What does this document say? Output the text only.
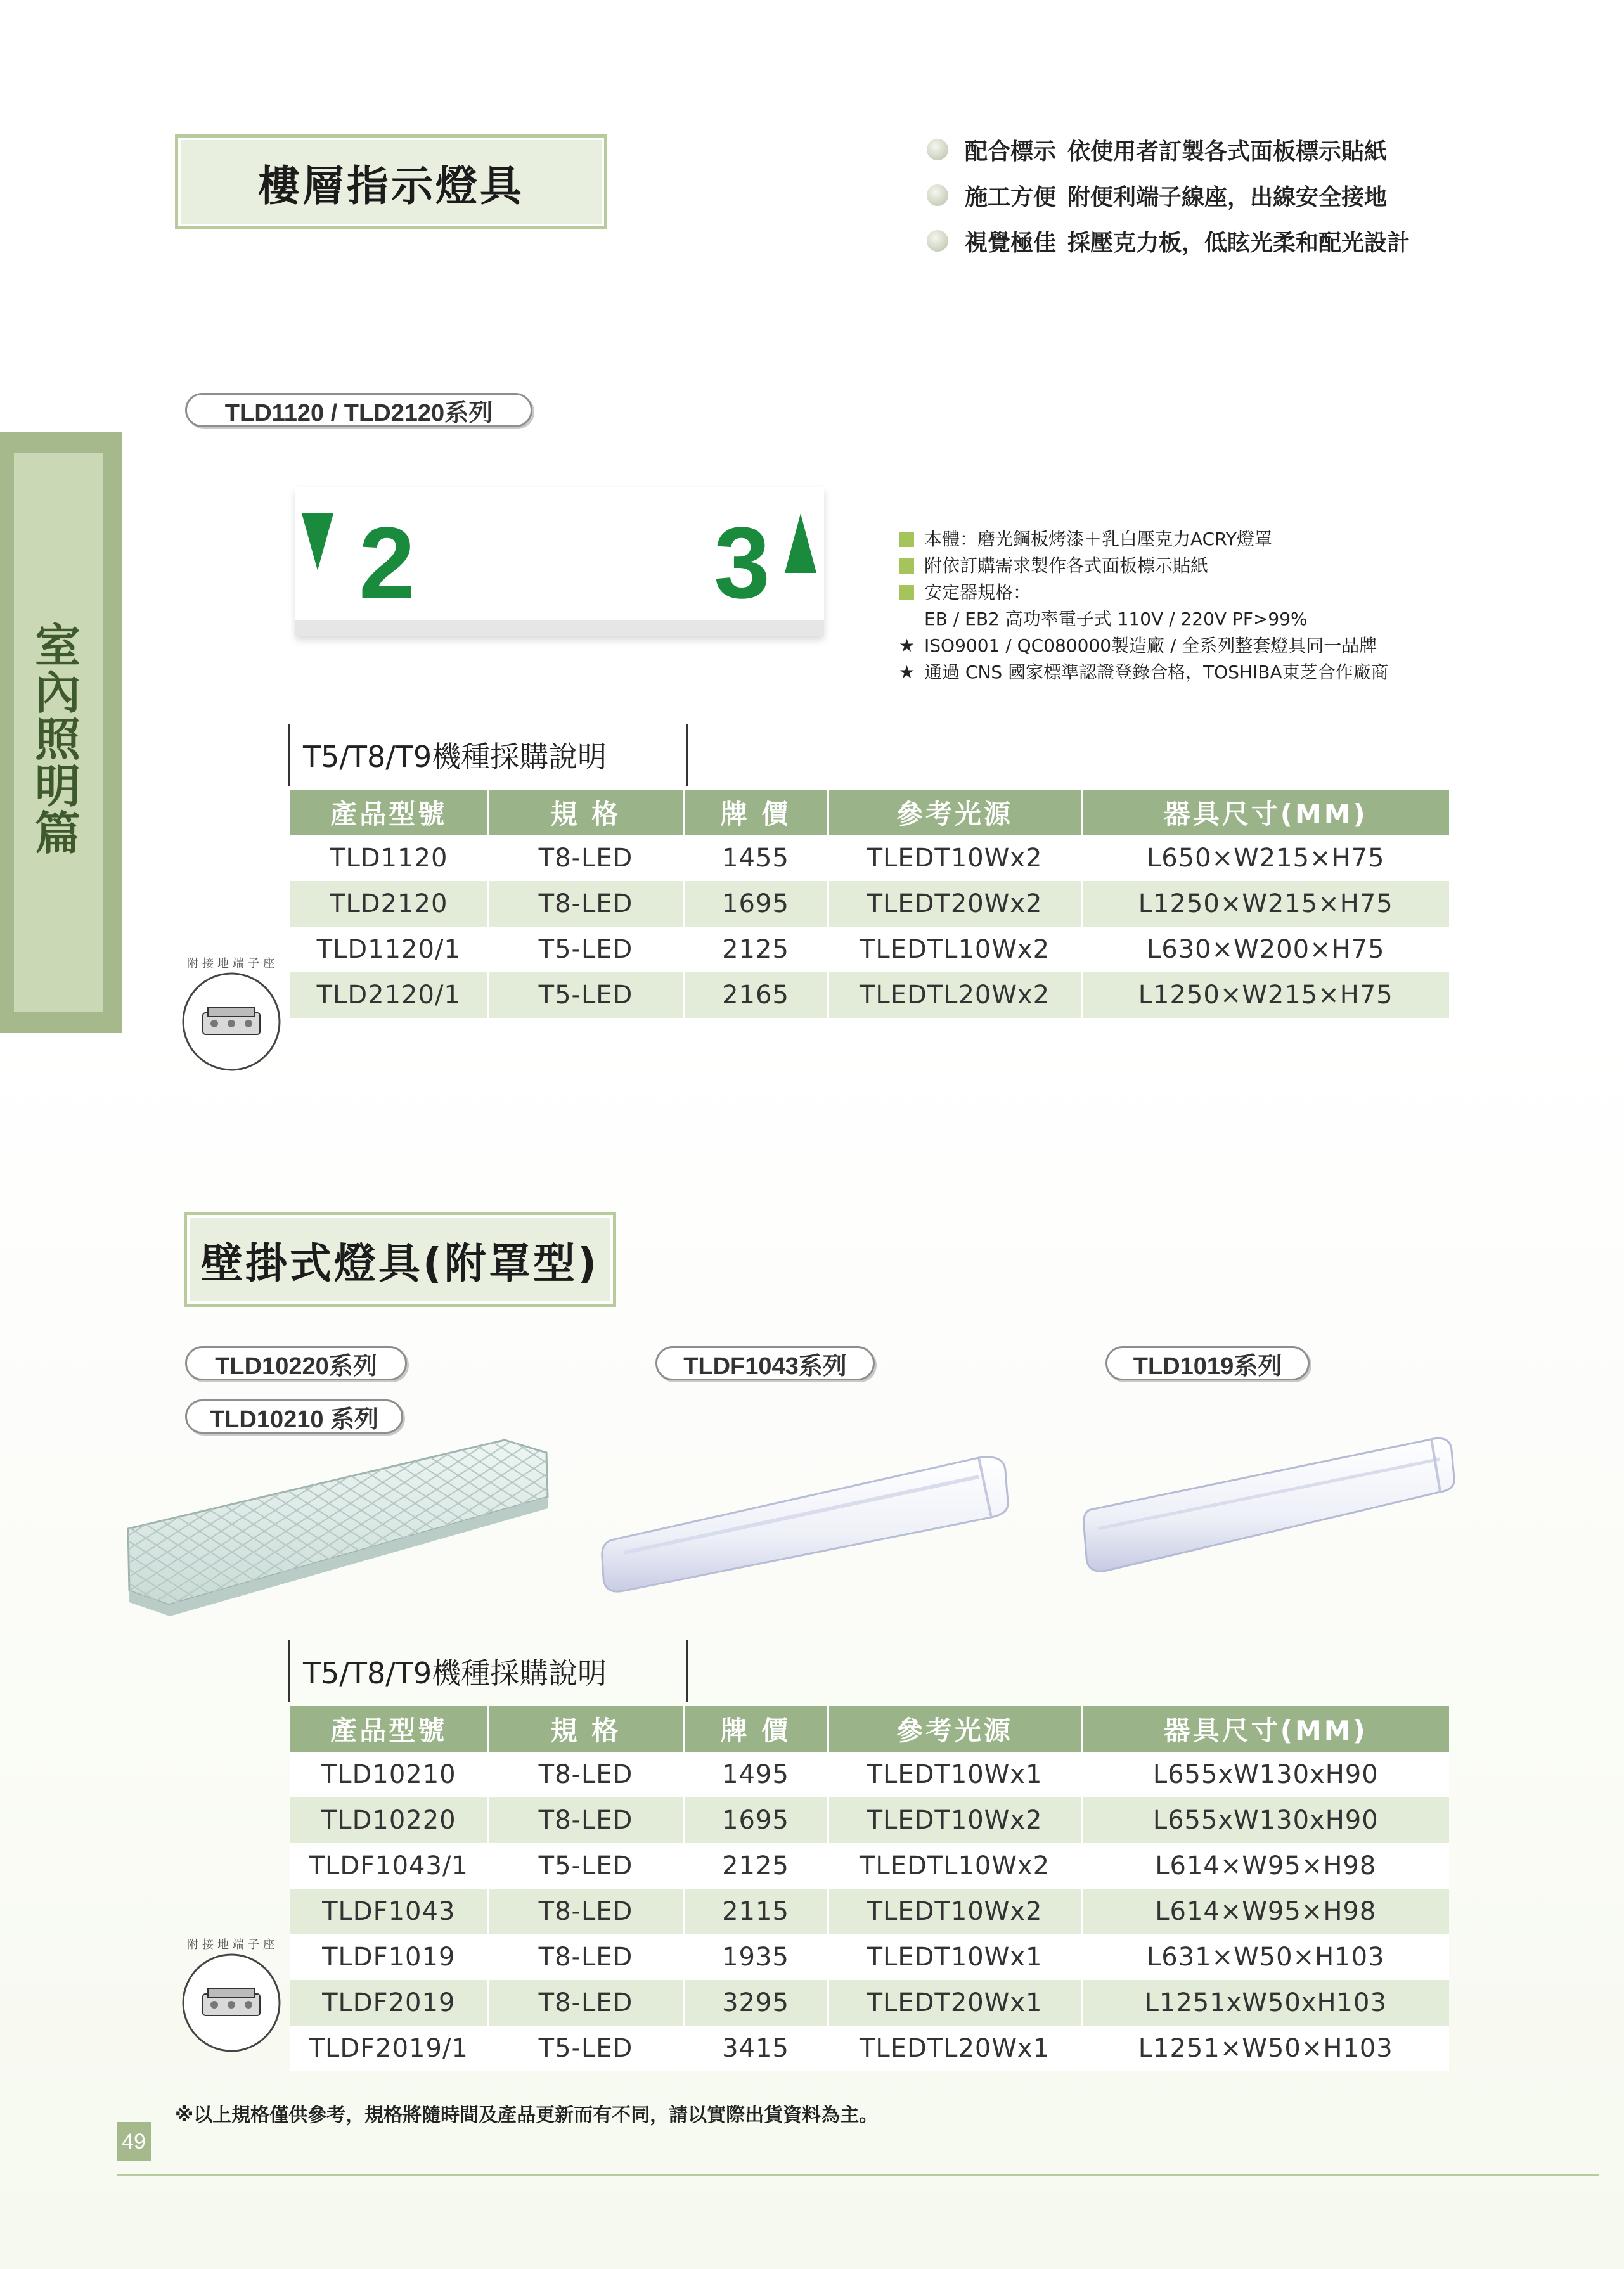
室
內
照
明
篇
樓層指示燈具
配合標示 依使用者訂製各式面板標示貼紙
施工方便 附便利端子線座，出線安全接地
視覺極佳 採壓克力板，低眩光柔和配光設計
TLD1120 / TLD2120系列
2	3	本體：磨光鋼板烤漆＋乳白壓克力ACRY燈罩
附依訂購需求製作各式面板標示貼紙
安定器規格：
EB / EB2 高功率電子式 110V / 220V PF>99%
★ ISO9001 / QC080000製造廠 / 全系列整套燈具同一品牌
★ 通過 CNS 國家標準認證登錄合格，TOSHIBA東芝合作廠商
T5/T8/T9機種採購說明
產品型號	規 格	牌 價	參考光源	器具尺寸(MM)
TLD1120	T8-LED	1455	TLEDT10Wx2	L650×W215×H75
TLD2120	T8-LED	1695	TLEDT20Wx2	L1250×W215×H75
TLD1120/1	T5-LED	2125	TLEDTL10Wx2	L630×W200×H75
TLD2120/1	T5-LED	2165	TLEDTL20Wx2	L1250×W215×H75
附接地端子座
壁掛式燈具(附罩型)
TLD10220系列
TLD10210 系列
TLDF1043系列	TLD1019系列
T5/T8/T9機種採購說明
產品型號	規 格	牌 價	參考光源	器具尺寸(MM)
TLD10210	T8-LED	1495	TLEDT10Wx1	L655xW130xH90
TLD10220	T8-LED	1695	TLEDT10Wx2	L655xW130xH90
TLDF1043/1	T5-LED	2125	TLEDTL10Wx2	L614×W95×H98
TLDF1043	T8-LED	2115	TLEDT10Wx2	L614×W95×H98
TLDF1019	T8-LED	1935	TLEDT10Wx1	L631×W50×H103
TLDF2019	T8-LED	3295	TLEDT20Wx1	L1251xW50xH103
TLDF2019/1	T5-LED	3415	TLEDTL20Wx1	L1251×W50×H103
附接地端子座
※以上規格僅供參考，規格將隨時間及產品更新而有不同，請以實際出貨資料為主。
49
